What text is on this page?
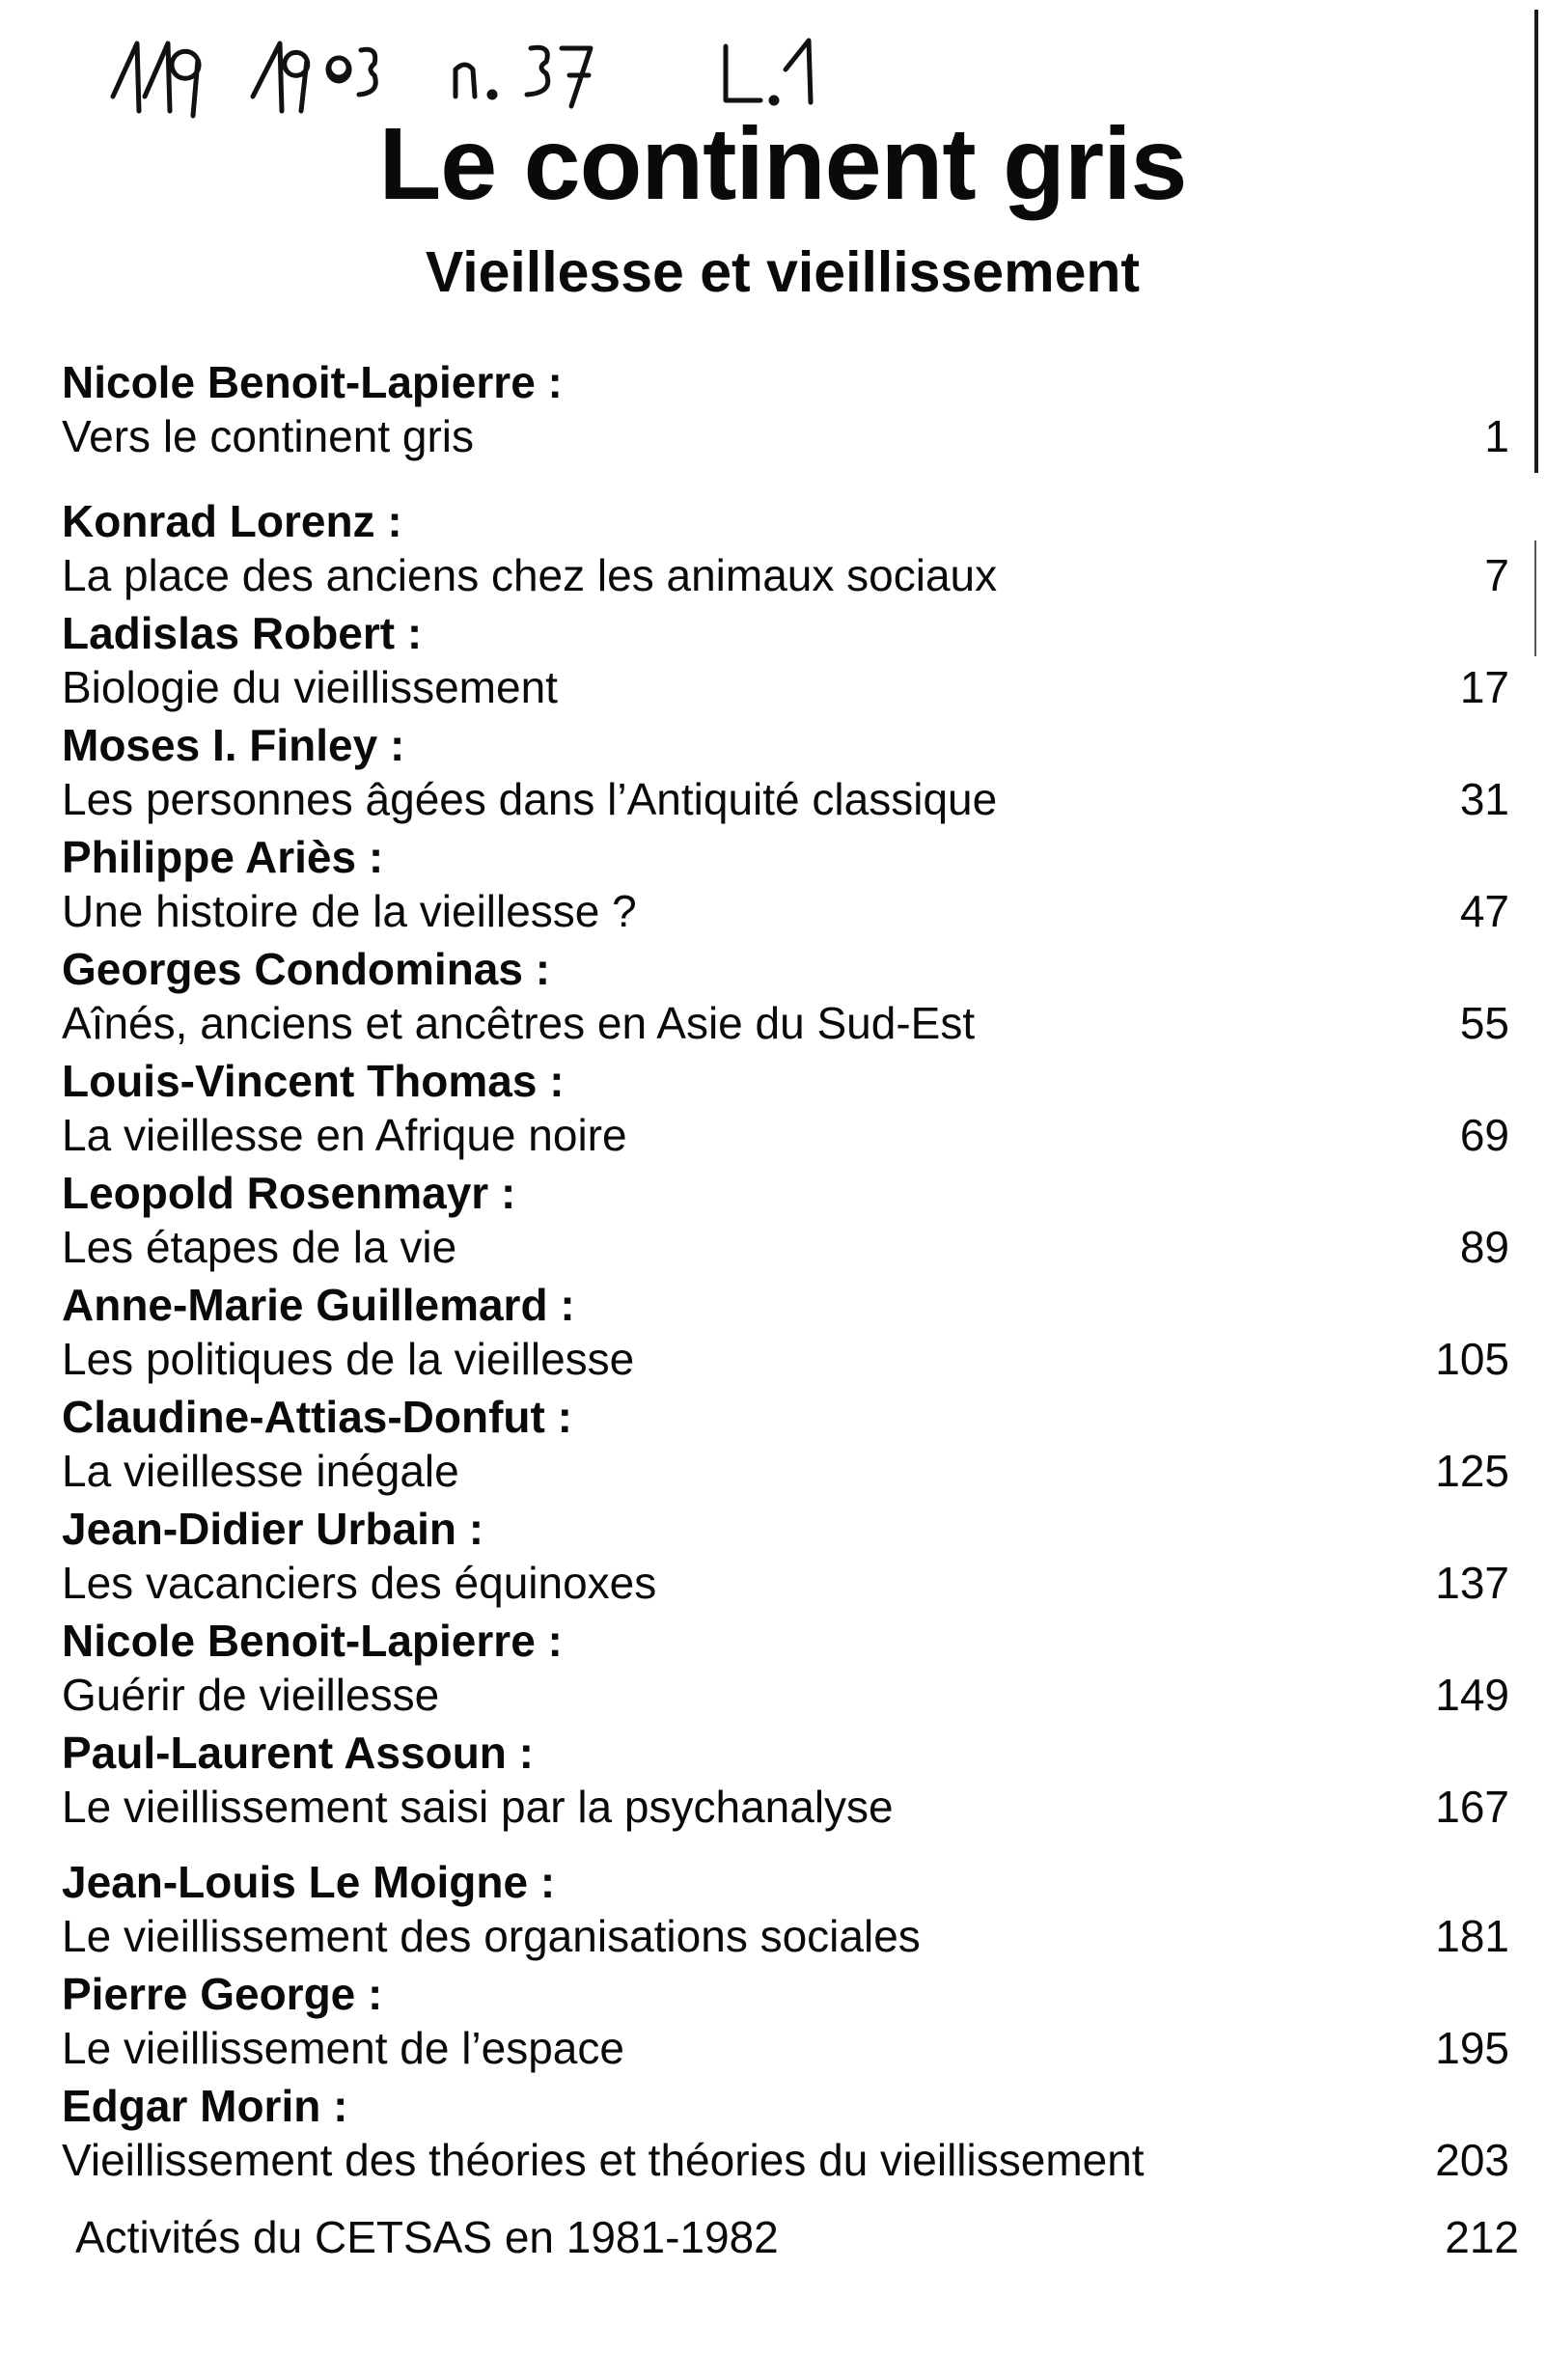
Le continent gris
Vieillesse et vieillissement
Nicole Benoit-Lapierre :
Vers le continent gris	1
Konrad Lorenz :
La place des anciens chez les animaux sociaux	7
Ladislas Robert :
Biologie du vieillissement	17
Moses I. Finley :
Les personnes âgées dans l’Antiquité classique	31
Philippe Ariès :
Une histoire de la vieillesse ?	47
Georges Condominas :
Aînés, anciens et ancêtres en Asie du Sud-Est	55
Louis-Vincent Thomas :
La vieillesse en Afrique noire	69
Leopold Rosenmayr :
Les étapes de la vie	89
Anne-Marie Guillemard :
Les politiques de la vieillesse	105
Claudine-Attias-Donfut :
La vieillesse inégale	125
Jean-Didier Urbain :
Les vacanciers des équinoxes	137
Nicole Benoit-Lapierre :
Guérir de vieillesse	149
Paul-Laurent Assoun :
Le vieillissement saisi par la psychanalyse	167
Jean-Louis Le Moigne :
Le vieillissement des organisations sociales	181
Pierre George :
Le vieillissement de l’espace	195
Edgar Morin :
Vieillissement des théories et théories du vieillissement	203
Activités du CETSAS en 1981-1982	212
